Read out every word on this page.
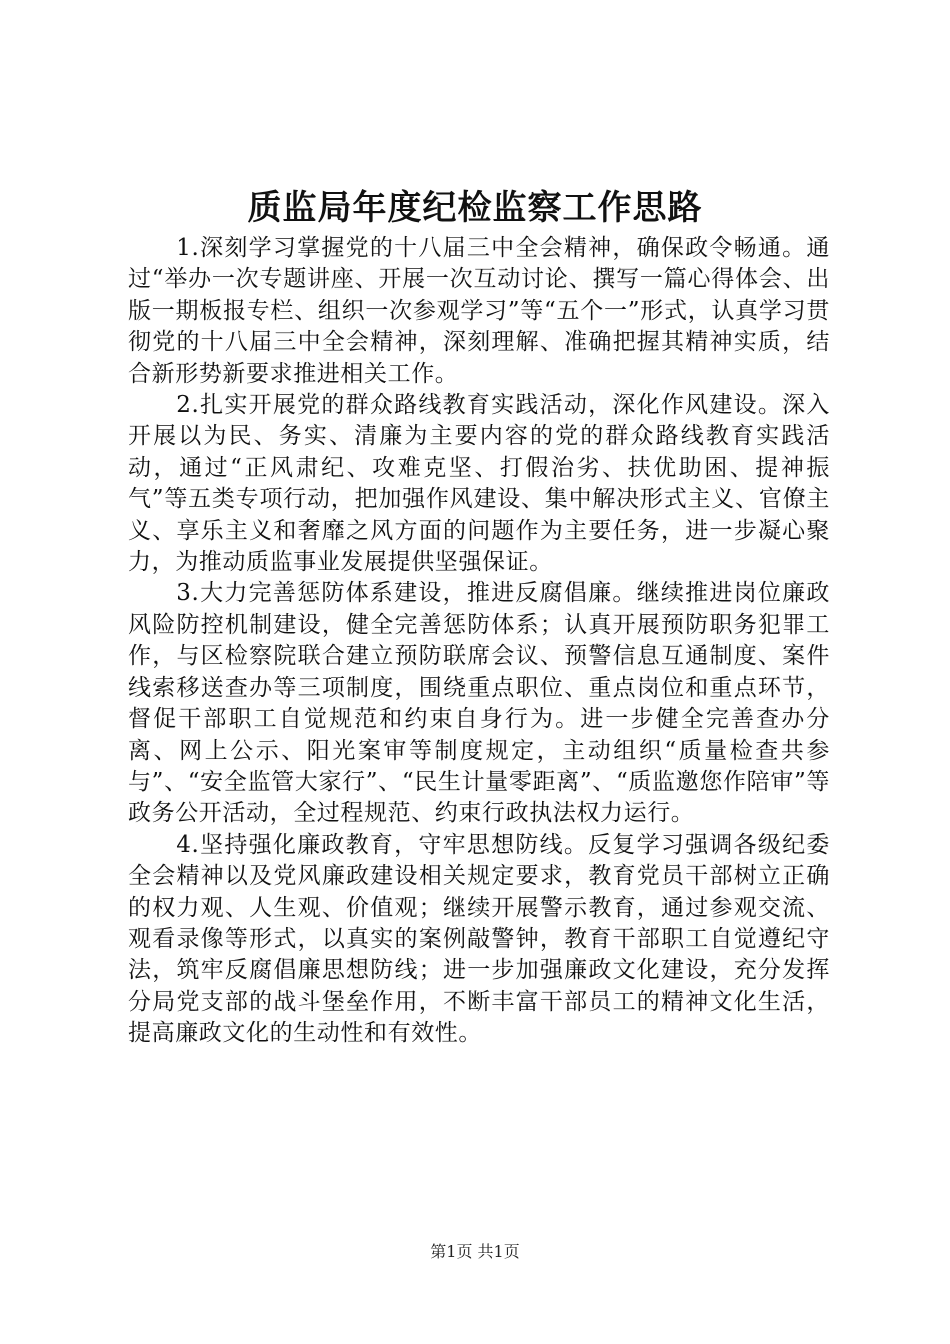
质监局年度纪检监察工作思路

1.深刻学习掌握党的十八届三中全会精神，确保政令畅通。通过“举办一次专题讲座、开展一次互动讨论、撰写一篇心得体会、出版一期板报专栏、组织一次参观学习”等“五个一”形式，认真学习贯彻党的十八届三中全会精神，深刻理解、准确把握其精神实质，结合新形势新要求推进相关工作。

2.扎实开展党的群众路线教育实践活动，深化作风建设。深入开展以为民、务实、清廉为主要内容的党的群众路线教育实践活动，通过“正风肃纪、攻难克坚、打假治劣、扶优助困、提神振气”等五类专项行动，把加强作风建设、集中解决形式主义、官僚主义、享乐主义和奢靡之风方面的问题作为主要任务，进一步凝心聚力，为推动质监事业发展提供坚强保证。

3.大力完善惩防体系建设，推进反腐倡廉。继续推进岗位廉政风险防控机制建设，健全完善惩防体系；认真开展预防职务犯罪工作，与区检察院联合建立预防联席会议、预警信息互通制度、案件线索移送查办等三项制度，围绕重点职位、重点岗位和重点环节，督促干部职工自觉规范和约束自身行为。进一步健全完善查办分离、网上公示、阳光案审等制度规定，主动组织“质量检查共参与”、“安全监管大家行”、“民生计量零距离”、“质监邀您作陪审”等政务公开活动，全过程规范、约束行政执法权力运行。

4.坚持强化廉政教育，守牢思想防线。反复学习强调各级纪委全会精神以及党风廉政建设相关规定要求，教育党员干部树立正确的权力观、人生观、价值观；继续开展警示教育，通过参观交流、观看录像等形式，以真实的案例敲警钟，教育干部职工自觉遵纪守法，筑牢反腐倡廉思想防线；进一步加强廉政文化建设，充分发挥分局党支部的战斗堡垒作用，不断丰富干部员工的精神文化生活，提高廉政文化的生动性和有效性。

第1页 共1页
